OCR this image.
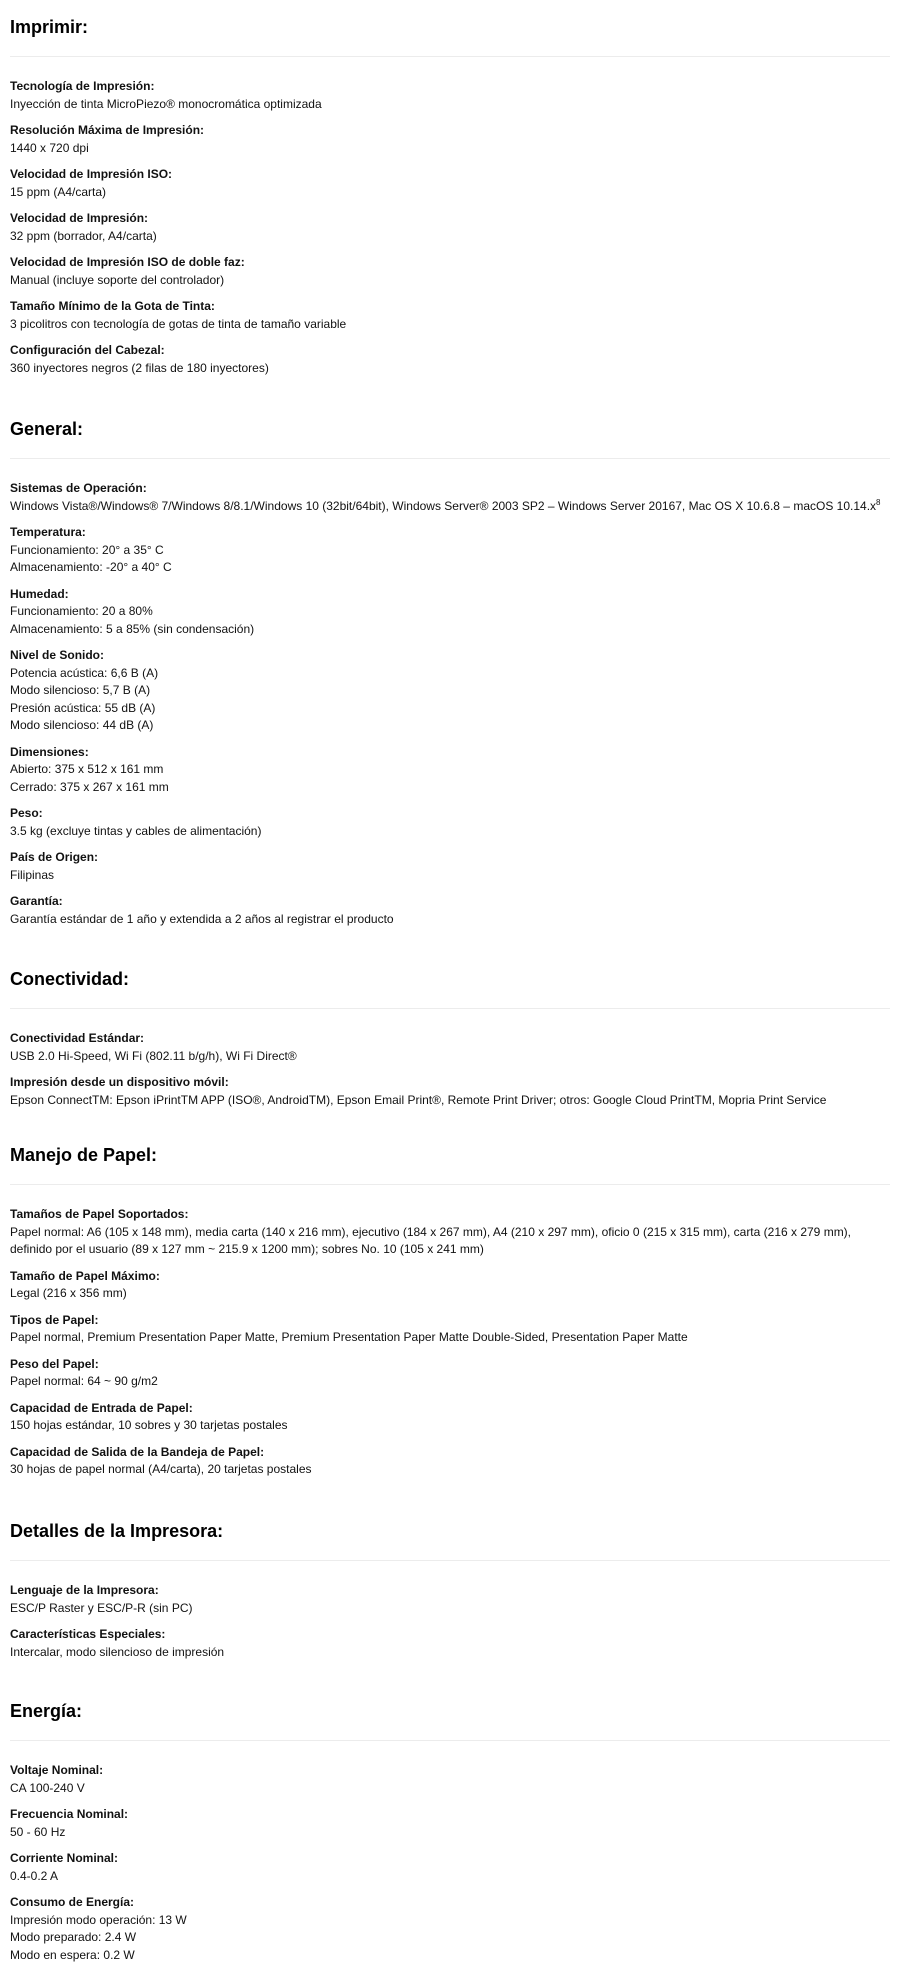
Imprimir:
Tecnología de Impresión:
Inyección de tinta MicroPiezo® monocromática optimizada
Resolución Máxima de Impresión:
1440 x 720 dpi
Velocidad de Impresión ISO:
15 ppm (A4/carta)
Velocidad de Impresión:
32 ppm (borrador, A4/carta)
Velocidad de Impresión ISO de doble faz:
Manual (incluye soporte del controlador)
Tamaño Mínimo de la Gota de Tinta:
3 picolitros con tecnología de gotas de tinta de tamaño variable
Configuración del Cabezal:
360 inyectores negros (2 filas de 180 inyectores)
General:
Sistemas de Operación:
Windows Vista®/Windows® 7/Windows 8/8.1/Windows 10 (32bit/64bit), Windows Server® 2003 SP2 – Windows Server 20167, Mac OS X 10.6.8 – macOS $10.14.x^8$
Temperatura:
Funcionamiento: 20° a 35° C
Almacenamiento: -20° a 40° C
Humedad:
Funcionamiento: 20 a 80%
Almacenamiento: 5 a 85% (sin condensación)
Nivel de Sonido:
Potencia acústica: 6,6 B (A)
Modo silencioso: 5,7 B (A)
Presión acústica: 55 dB (A)
Modo silencioso: 44 dB (A)
Dimensiones:
Abierto: 375 x 512 x 161 mm
Cerrado: 375 x 267 x 161 mm
Peso:
3.5 kg (excluye tintas y cables de alimentación)
País de Origen:
Filipinas
Garantía:
Garantía estándar de 1 año y extendida a 2 años al registrar el producto
Conectividad:
Conectividad Estándar:
USB 2.0 Hi-Speed, Wi Fi (802.11 b/g/h), Wi Fi Direct®
Impresión desde un dispositivo móvil:
Epson ConnectTM: Epson iPrintTM APP (ISO®, AndroidTM), Epson Email Print®, Remote Print Driver; otros: Google Cloud PrintTM, Mopria Print Service
Manejo de Papel:
Tamaños de Papel Soportados:
Papel normal: A6 (105 x 148 mm), media carta (140 x 216 mm), ejecutivo (184 x 267 mm), A4 (210 x 297 mm), oficio 0 (215 x 315 mm), carta (216 x 279 mm),
definido por el usuario (89 x 127 mm ~ 215.9 x 1200 mm); sobres No. 10 (105 x 241 mm)
Tamaño de Papel Máximo:
Legal (216 x 356 mm)
Tipos de Papel:
Papel normal, Premium Presentation Paper Matte, Premium Presentation Paper Matte Double-Sided, Presentation Paper Matte
Peso del Papel:
Papel normal: 64 ~ 90 g/m2
Capacidad de Entrada de Papel:
150 hojas estándar, 10 sobres y 30 tarjetas postales
Capacidad de Salida de la Bandeja de Papel:
30 hojas de papel normal (A4/carta), 20 tarjetas postales
Detalles de la Impresora:
Lenguaje de la Impresora:
ESC/P Raster y ESC/P-R (sin PC)
Características Especiales:
Intercalar, modo silencioso de impresión
Energía:
Voltaje Nominal:
CA 100-240 V
Frecuencia Nominal:
50 - 60 Hz
Corriente Nominal:
0.4-0.2 A
Consumo de Energía:
Impresión modo operación: 13 W
Modo preparado: 2.4 W
Modo en espera: 0.2 W
